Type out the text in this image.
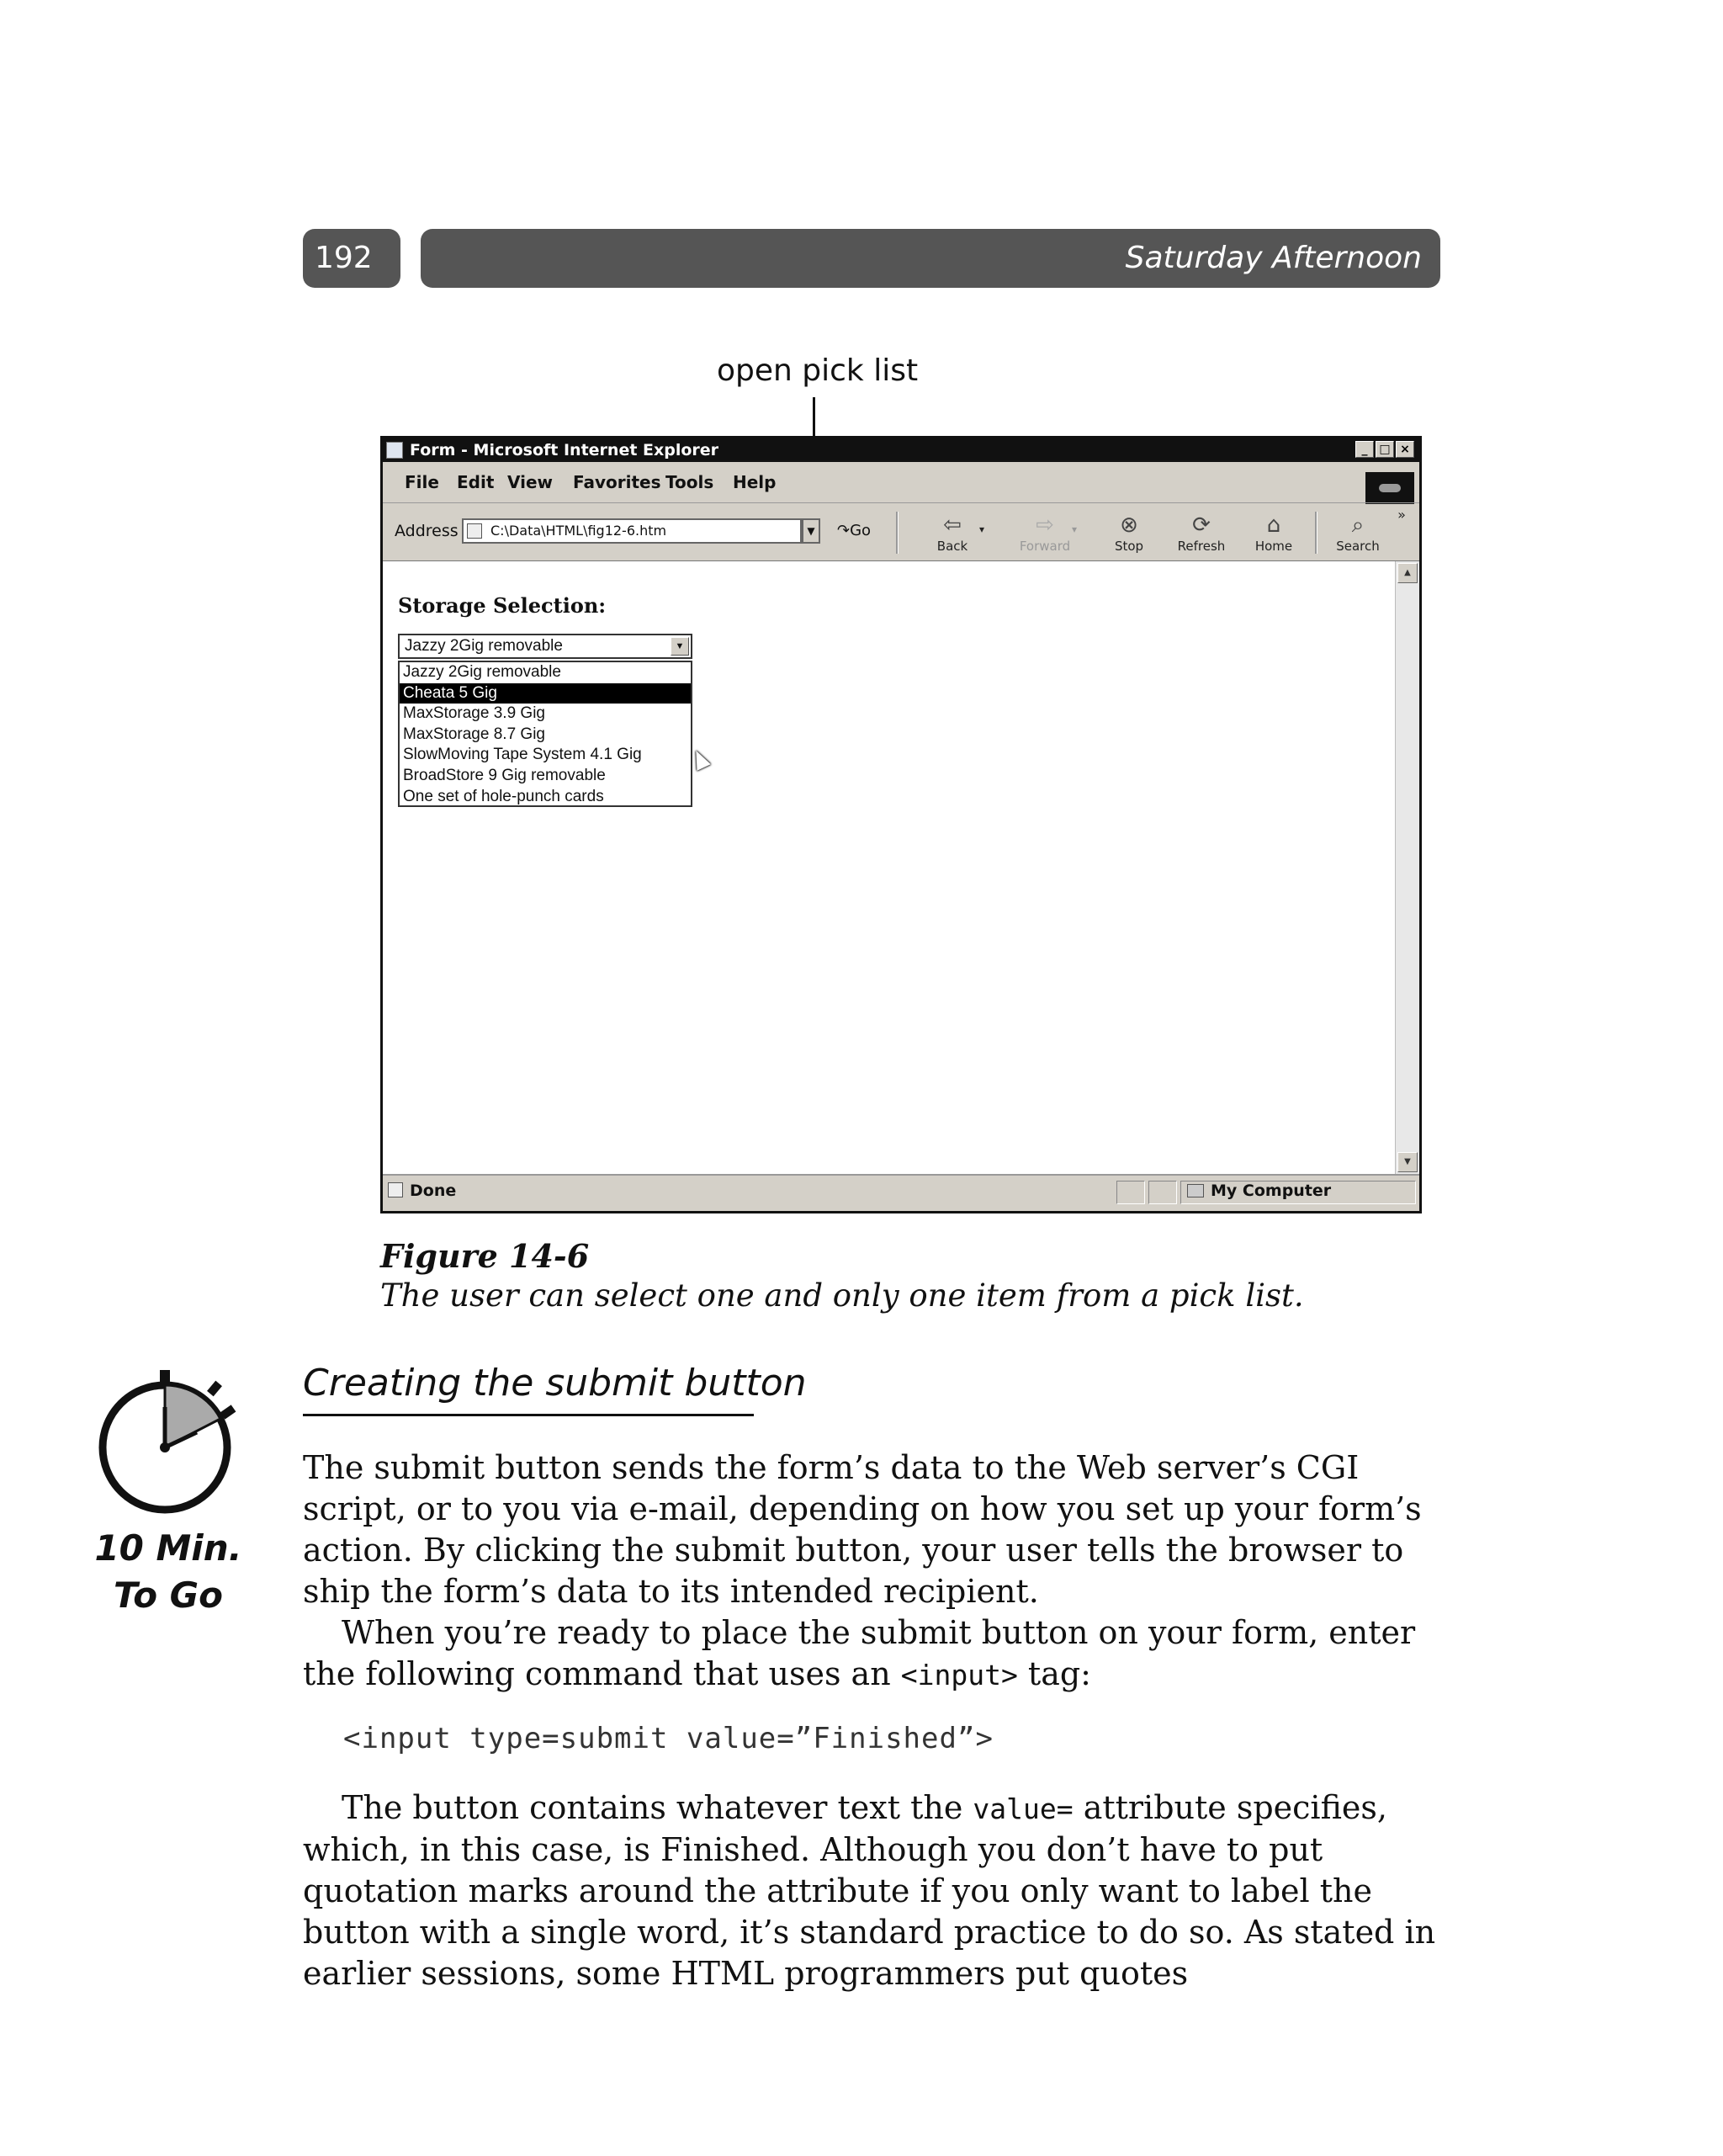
192	Saturday Afternoon
open pick list
Form - Microsoft Internet Explorer	_ □ ×
File Edit View Favorites Tools Help
Address	C:\Data\HTML\fig12-6.htm	▼	↷Go	⇦
Back
▾	⇨
Forward
▾	⊗
Stop
⟳
Refresh
⌂
Home
⌕
Search
»
Storage Selection:
Jazzy 2Gig removable	▼
Jazzy 2Gig removable
Cheata 5 Gig
MaxStorage 3.9 Gig
MaxStorage 8.7 Gig
SlowMoving Tape System 4.1 Gig
BroadStore 9 Gig removable
One set of hole-punch cards
▲
▼
Done	My Computer
Figure 14-6
The user can select one and only one item from a pick list.
10 Min.
To Go
Creating the submit button

The submit button sends the form’s data to the Web server’s CGI script, or to you via e-mail, depending on how you set up your form’s action. By clicking the submit button, your user tells the browser to ship the form’s data to its intended recipient.

When you’re ready to place the submit button on your form, enter the following command that uses an <input> tag:

<input type=submit value=”Finished”>

The button contains whatever text the value= attribute specifies, which, in this case, is Finished. Although you don’t have to put quotation marks around the attribute if you only want to label the button with a single word, it’s standard practice to do so. As stated in earlier sessions, some HTML programmers put quotes
